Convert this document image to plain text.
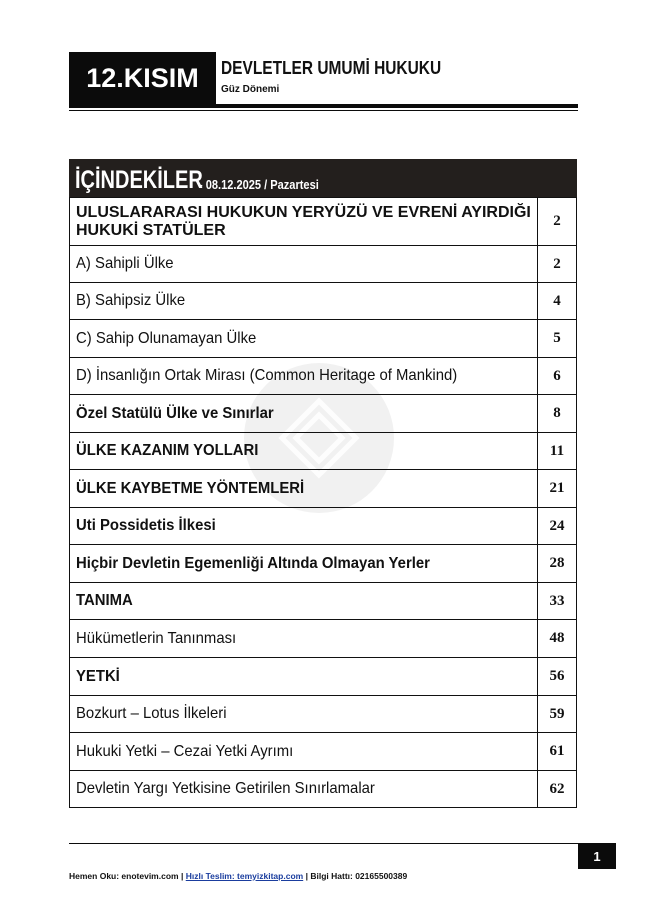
12.KISIM	DEVLETLER UMUMİ HUKUKU
Güz Dönemi
İÇİNDEKİLER
- 08.12.2025 / Pazartesi
ULUSLARARASI HUKUKUN YERYÜZÜ VE EVRENİ AYIRDIĞI HUKUKİ STATÜLER	2
A) Sahipli Ülke	2
B) Sahipsiz Ülke	4
C) Sahip Olunamayan Ülke	5
D) İnsanlığın Ortak Mirası (Common Heritage of Mankind)	6
Özel Statülü Ülke ve Sınırlar	8
ÜLKE KAZANIM YOLLARI	11
ÜLKE KAYBETME YÖNTEMLERİ	21
Uti Possidetis İlkesi	24
Hiçbir Devletin Egemenliği Altında Olmayan Yerler	28
TANIMA	33
Hükümetlerin Tanınması	48
YETKİ	56
Bozkurt – Lotus İlkeleri	59
Hukuki Yetki – Cezai Yetki Ayrımı	61
Devletin Yargı Yetkisine Getirilen Sınırlamalar	62
1
Hemen Oku: enotevim.com | Hızlı Teslim: temyizkitap.com | Bilgi Hattı: 02165500389
